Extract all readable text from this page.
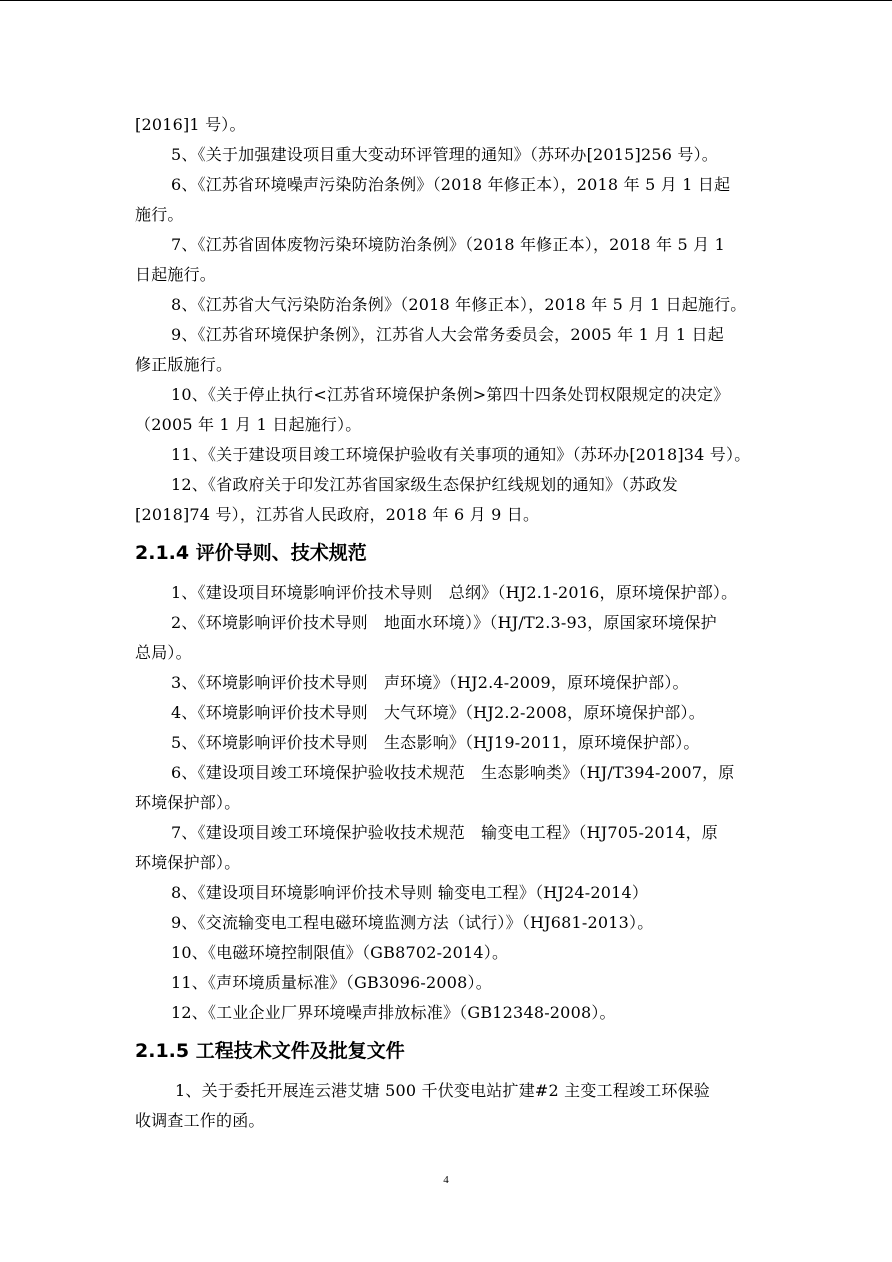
[2016]1 号）。
5、《关于加强建设项目重大变动环评管理的通知》（苏环办[2015]256 号）。
6、《江苏省环境噪声污染防治条例》（2018 年修正本），2018 年 5 月 1 日起
施行。
7、《江苏省固体废物污染环境防治条例》（2018 年修正本），2018 年 5 月 1
日起施行。
8、《江苏省大气污染防治条例》（2018 年修正本），2018 年 5 月 1 日起施行。
9、《江苏省环境保护条例》，江苏省人大会常务委员会，2005 年 1 月 1 日起
修正版施行。
10、《关于停止执行<江苏省环境保护条例>第四十四条处罚权限规定的决定》
（2005 年 1 月 1 日起施行）。
11、《关于建设项目竣工环境保护验收有关事项的通知》（苏环办[2018]34 号）。
12、《省政府关于印发江苏省国家级生态保护红线规划的通知》（苏政发
[2018]74 号），江苏省人民政府，2018 年 6 月 9 日。
2.1.4 评价导则、技术规范
1、《建设项目环境影响评价技术导则　总纲》（HJ2.1-2016，原环境保护部）。
2、《环境影响评价技术导则　地面水环境）》（HJ/T2.3-93，原国家环境保护
总局）。
3、《环境影响评价技术导则　声环境》（HJ2.4-2009，原环境保护部）。
4、《环境影响评价技术导则　大气环境》（HJ2.2-2008，原环境保护部）。
5、《环境影响评价技术导则　生态影响》（HJ19-2011，原环境保护部）。
6、《建设项目竣工环境保护验收技术规范　生态影响类》（HJ/T394-2007，原
环境保护部）。
7、《建设项目竣工环境保护验收技术规范　输变电工程》（HJ705-2014，原
环境保护部）。
8、《建设项目环境影响评价技术导则 输变电工程》（HJ24-2014）
9、《交流输变电工程电磁环境监测方法（试行）》（HJ681-2013）。
10、《电磁环境控制限值》（GB8702-2014）。
11、《声环境质量标准》（GB3096-2008）。
12、《工业企业厂界环境噪声排放标准》（GB12348-2008）。
2.1.5 工程技术文件及批复文件
1、关于委托开展连云港艾塘 500 千伏变电站扩建#2 主变工程竣工环保验
收调查工作的函。
4
